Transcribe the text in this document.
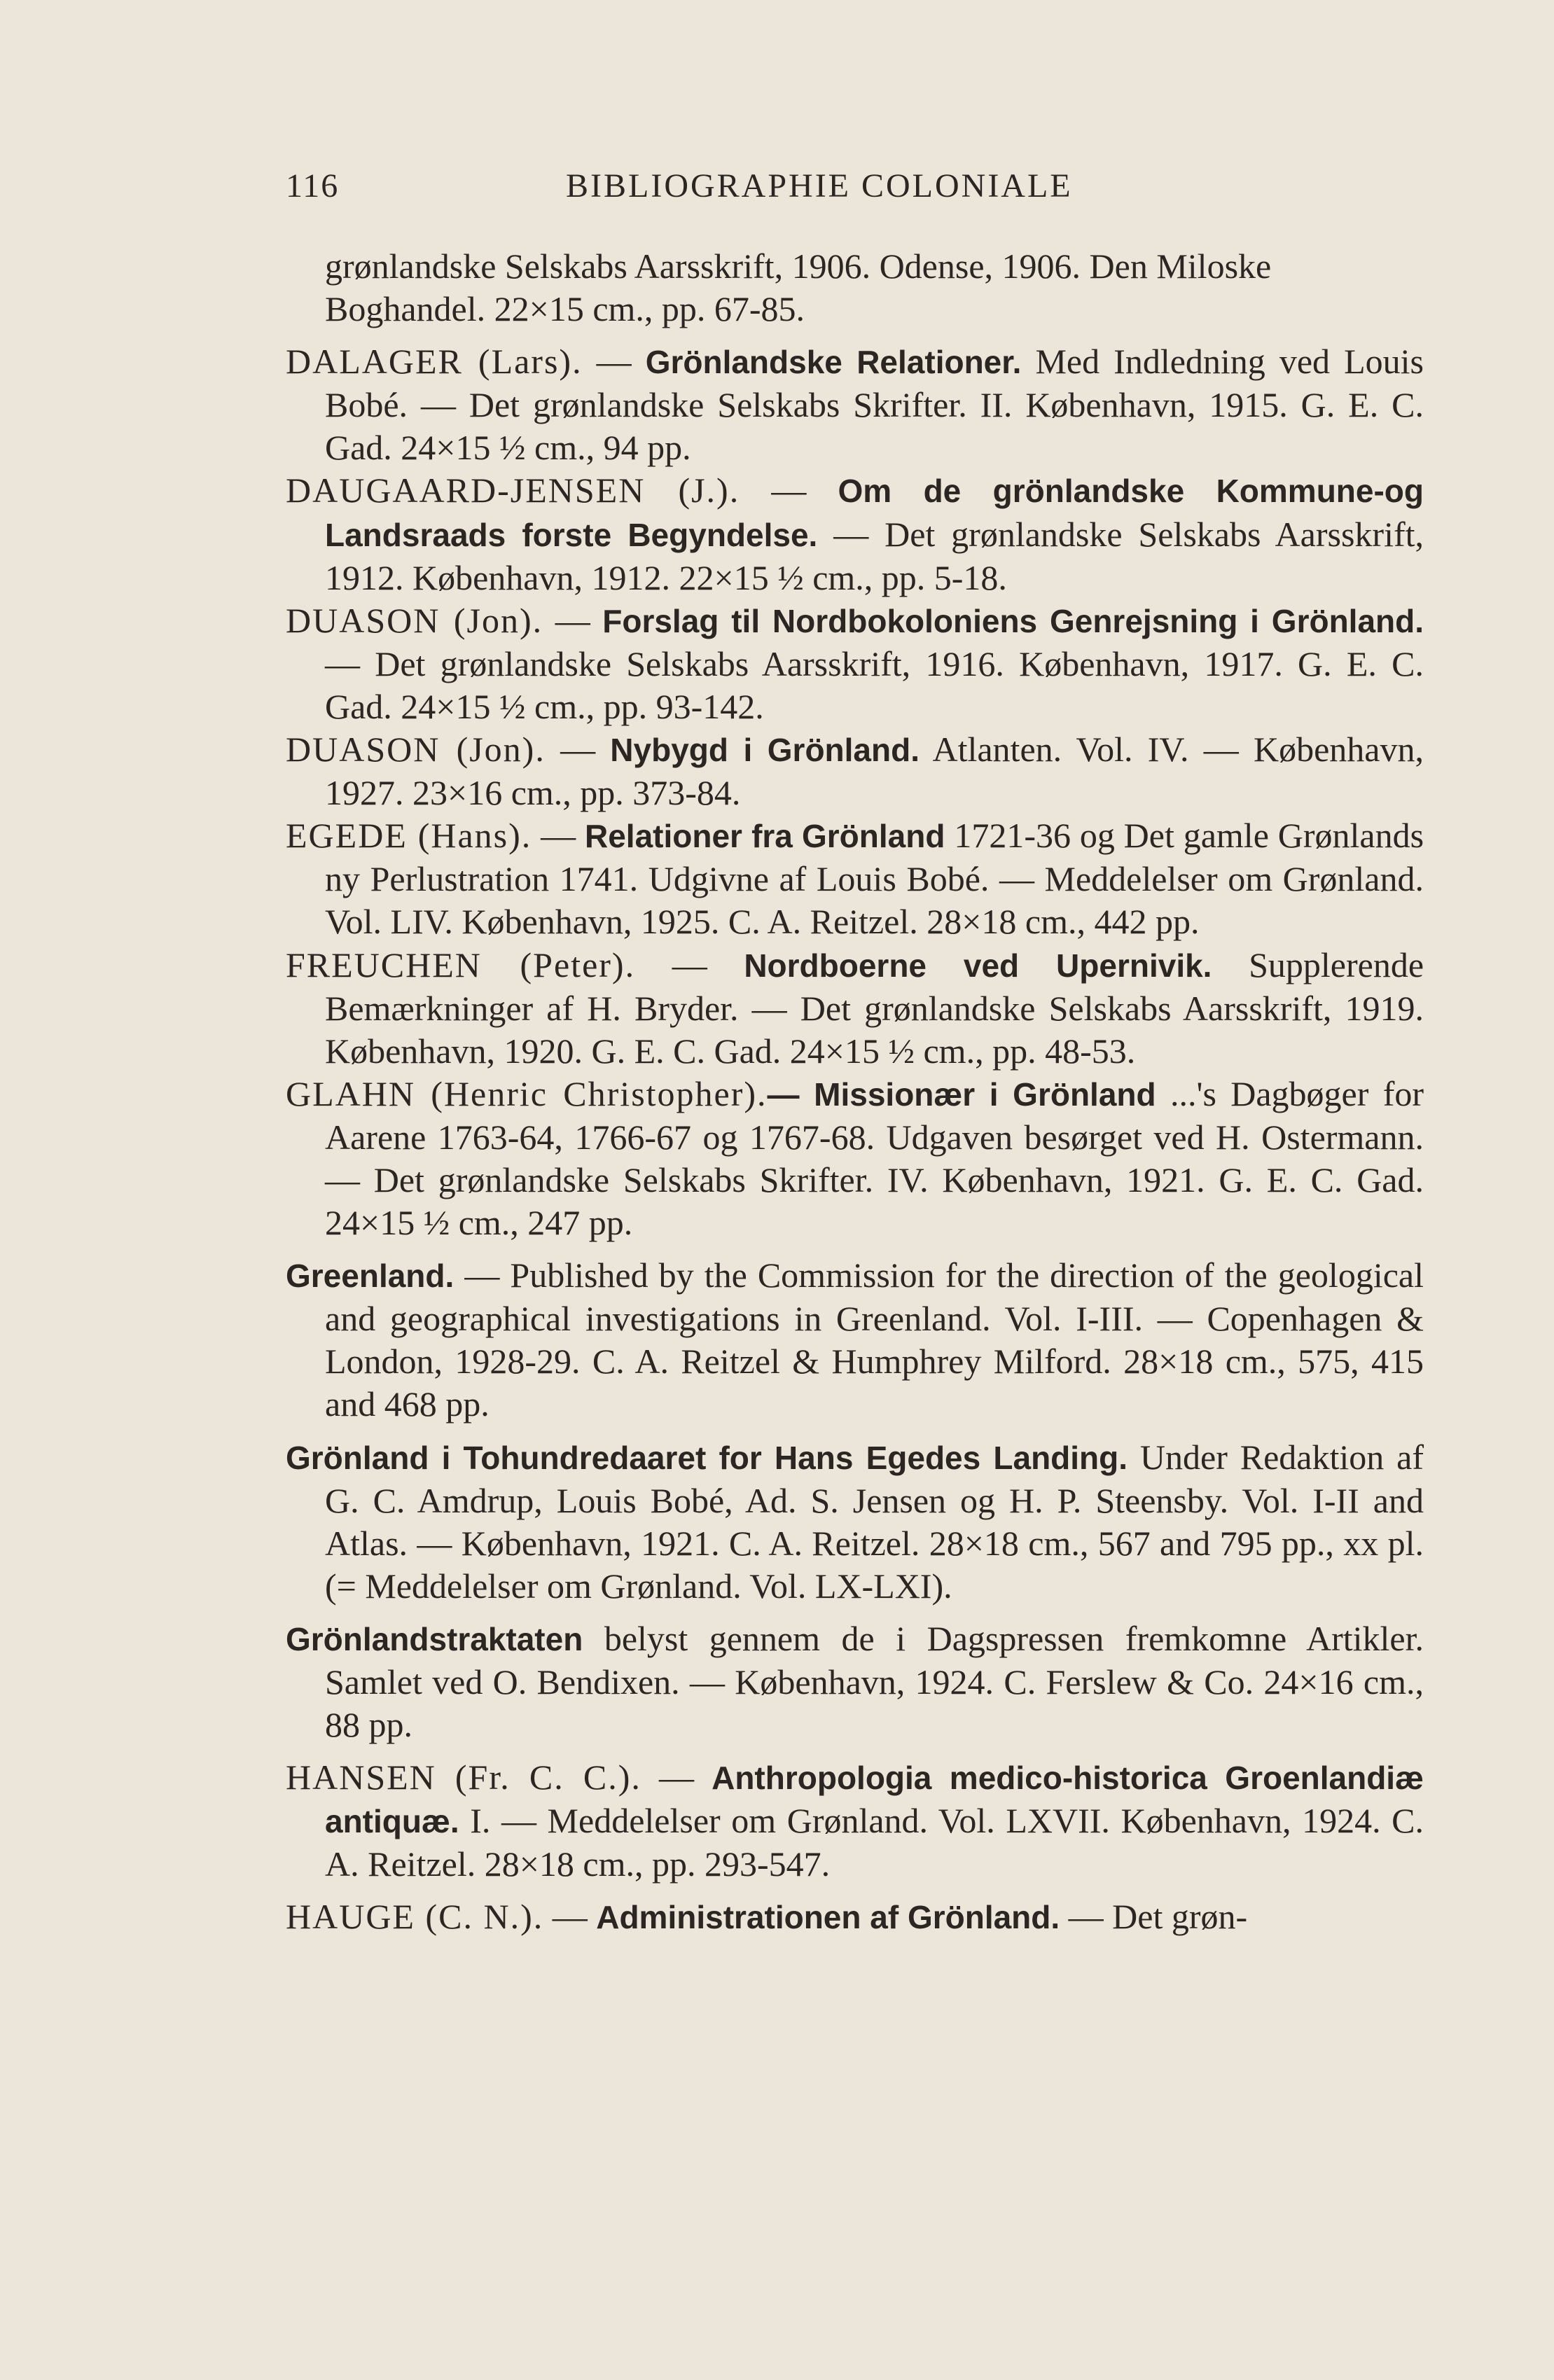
116	BIBLIOGRAPHIE COLONIALE

grønlandske Selskabs Aarsskrift, 1906. Odense, 1906. Den Miloske Boghandel. 22×15 cm., pp. 67-85.

DALAGER (Lars). — Grönlandske Relationer. Med Indledning ved Louis Bobé. — Det grønlandske Selskabs Skrifter. II. København, 1915. G. E. C. Gad. 24×15 ½ cm., 94 pp.

DAUGAARD-JENSEN (J.). — Om de grönlandske Kommune-og Landsraads forste Begyndelse. — Det grønlandske Selskabs Aarsskrift, 1912. København, 1912. 22×15 ½ cm., pp. 5-18.

DUASON (Jon). — Forslag til Nordbokoloniens Genrejsning i Grönland. — Det grønlandske Selskabs Aarsskrift, 1916. København, 1917. G. E. C. Gad. 24×15 ½ cm., pp. 93-142.

DUASON (Jon). — Nybygd i Grönland. Atlanten. Vol. IV. — København, 1927. 23×16 cm., pp. 373-84.

EGEDE (Hans). — Relationer fra Grönland 1721-36 og Det gamle Grønlands ny Perlustration 1741. Udgivne af Louis Bobé. — Meddelelser om Grønland. Vol. LIV. København, 1925. C. A. Reitzel. 28×18 cm., 442 pp.

FREUCHEN (Peter). — Nordboerne ved Upernivik. Supplerende Bemærkninger af H. Bryder. — Det grønlandske Selskabs Aarsskrift, 1919. København, 1920. G. E. C. Gad. 24×15 ½ cm., pp. 48-53.

GLAHN (Henric Christopher).— Missionær i Grönland ...'s Dagbøger for Aarene 1763-64, 1766-67 og 1767-68. Udgaven besørget ved H. Ostermann. — Det grønlandske Selskabs Skrifter. IV. København, 1921. G. E. C. Gad. 24×15 ½ cm., 247 pp.

Greenland. — Published by the Commission for the direction of the geological and geographical investigations in Greenland. Vol. I-III. — Copenhagen & London, 1928-29. C. A. Reitzel & Humphrey Milford. 28×18 cm., 575, 415 and 468 pp.

Grönland i Tohundredaaret for Hans Egedes Landing. Under Redaktion af G. C. Amdrup, Louis Bobé, Ad. S. Jensen og H. P. Steensby. Vol. I-II and Atlas. — København, 1921. C. A. Reitzel. 28×18 cm., 567 and 795 pp., xx pl. (= Meddelelser om Grønland. Vol. LX-LXI).

Grönlandstraktaten belyst gennem de i Dagspressen fremkomne Artikler. Samlet ved O. Bendixen. — København, 1924. C. Ferslew & Co. 24×16 cm., 88 pp.

HANSEN (Fr. C. C.). — Anthropologia medico-historica Groenlandiæ antiquæ. I. — Meddelelser om Grønland. Vol. LXVII. København, 1924. C. A. Reitzel. 28×18 cm., pp. 293-547.

HAUGE (C. N.). — Administrationen af Grönland. — Det grøn-
